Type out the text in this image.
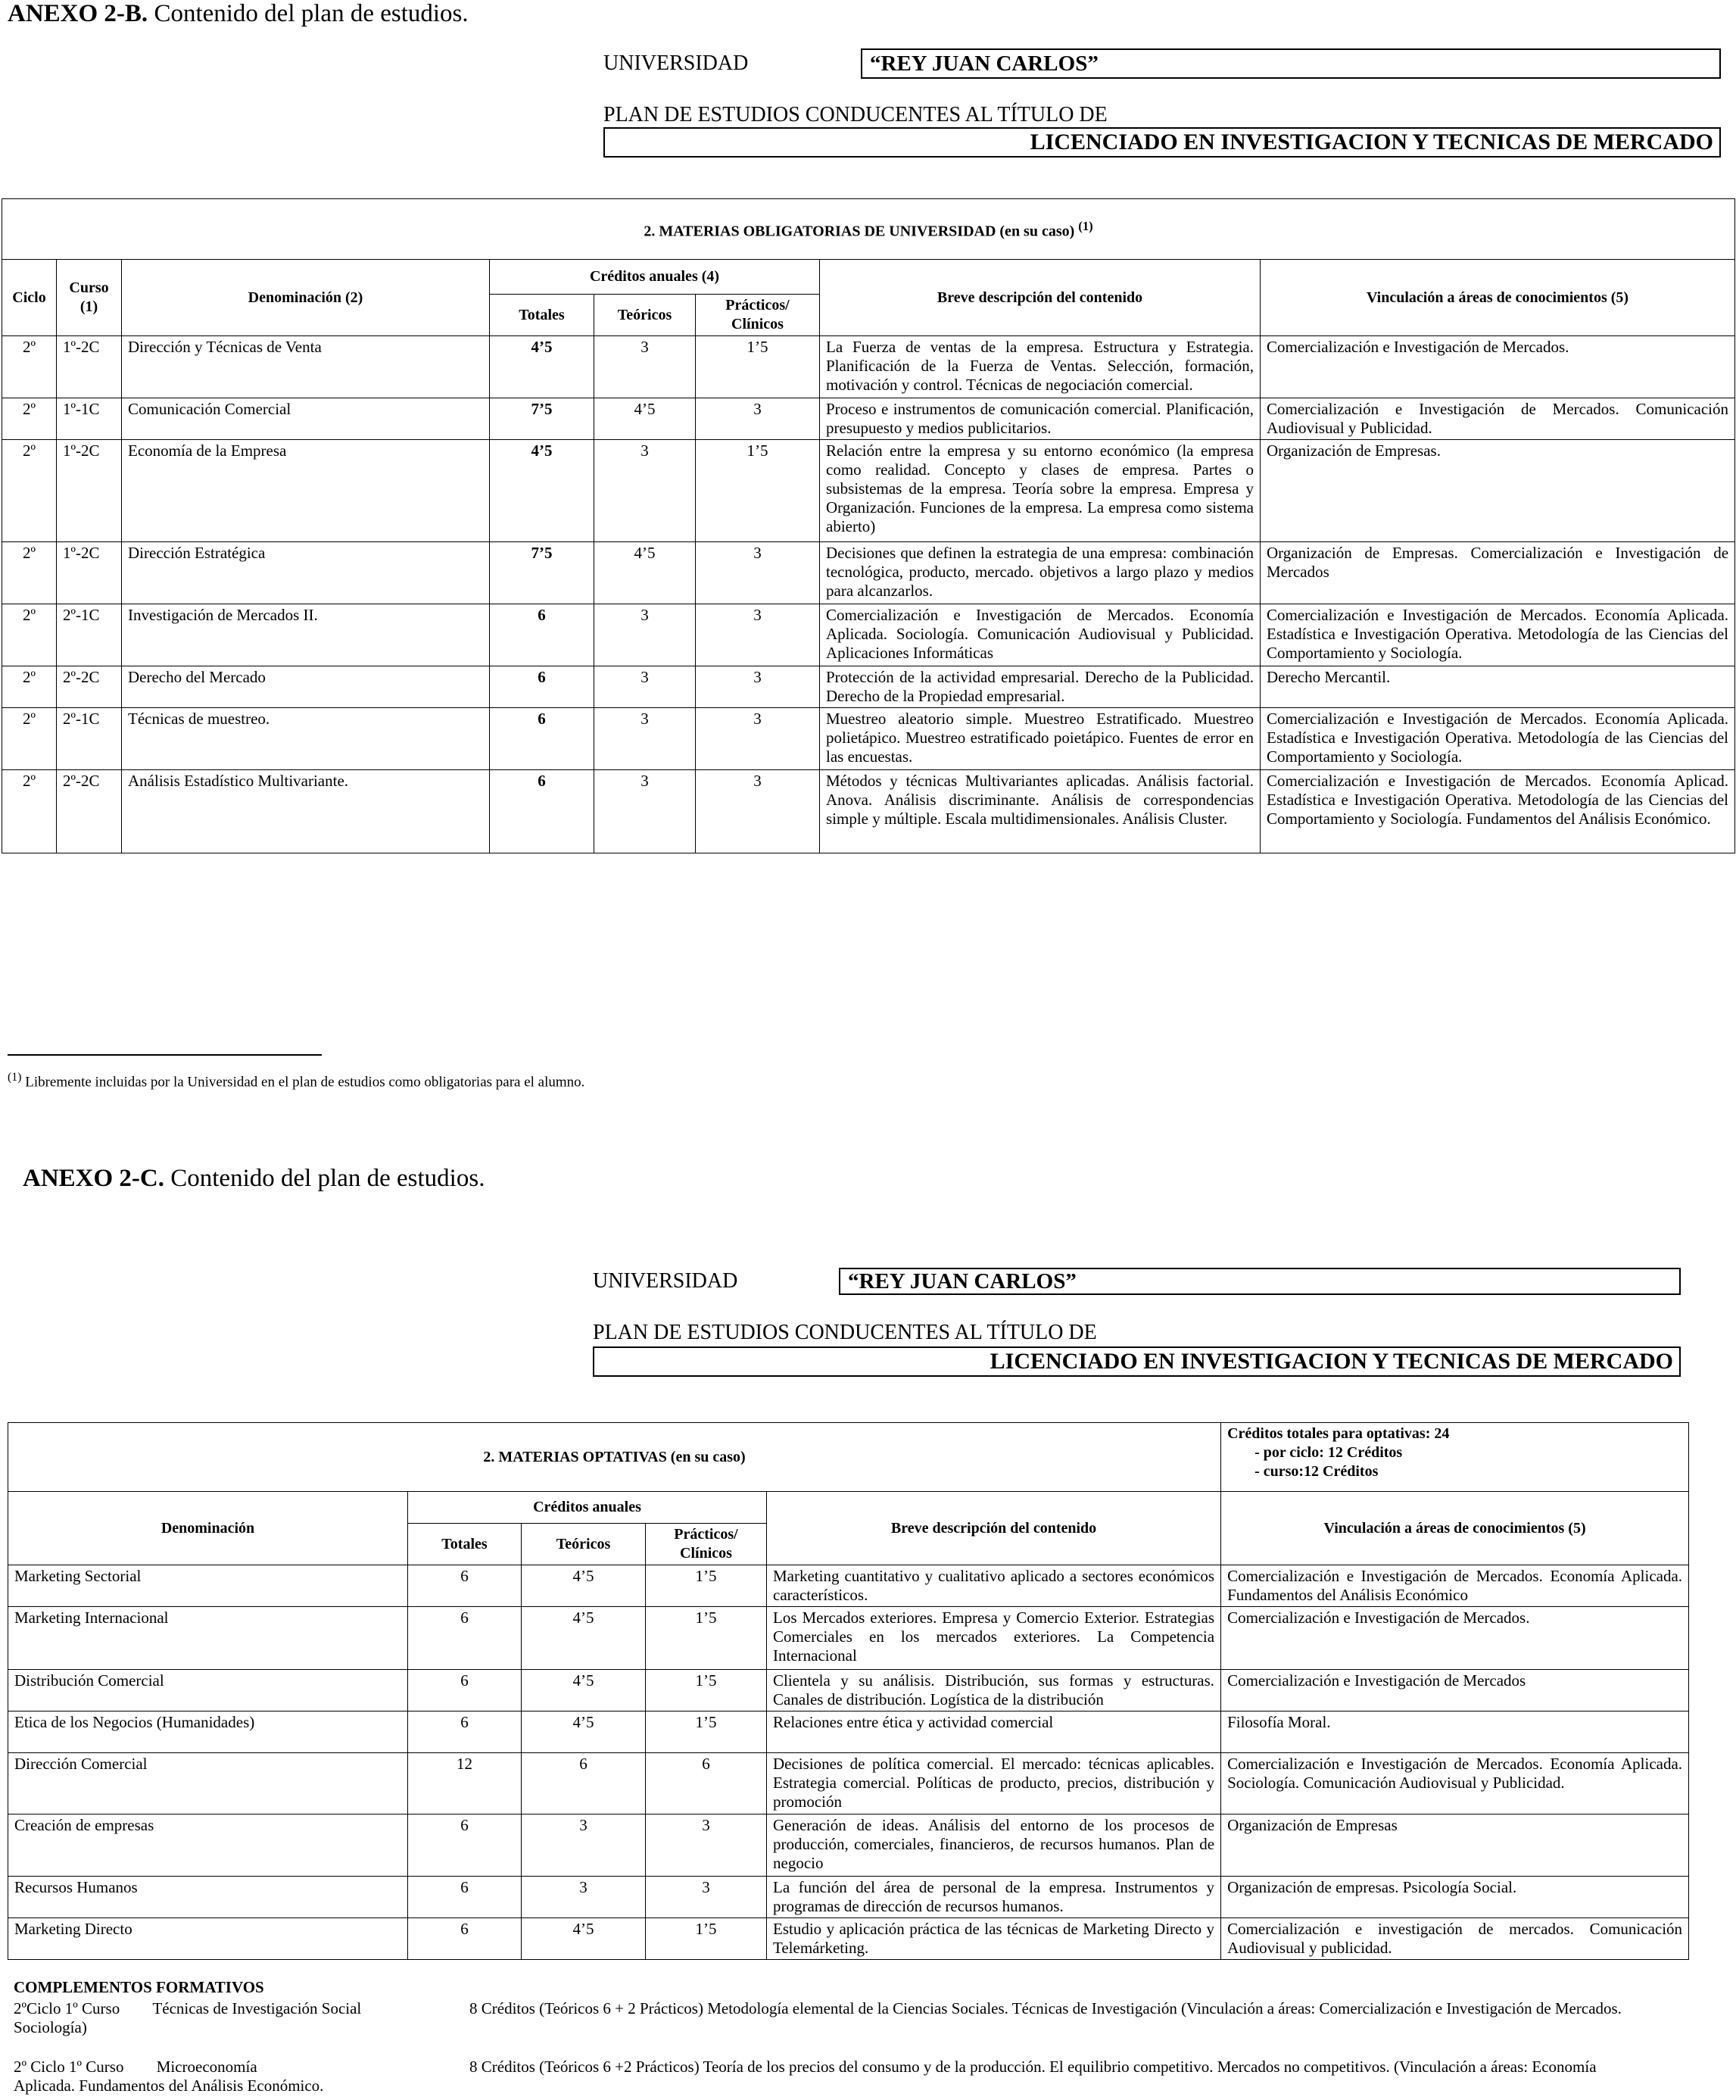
ANEXO 2-B. Contenido del plan de estudios.
UNIVERSIDAD	“REY JUAN CARLOS”
PLAN DE ESTUDIOS CONDUCENTES AL TÍTULO DE
LICENCIADO EN INVESTIGACION Y TECNICAS DE MERCADO
2. MATERIAS OBLIGATORIAS DE UNIVERSIDAD (en su caso) $^{(1)}$
Ciclo	Curso (1)	Denominación (2)	Créditos anuales (4)			Breve descripción del contenido	Vinculación a áreas de conocimientos (5)
			Totales	Teóricos	Prácticos/ Clínicos		
2º	1º-2C	Dirección y Técnicas de Venta	4’5	3	1’5	La Fuerza de ventas de la empresa. Estructura y Estrategia. Planificación de la Fuerza de Ventas. Selección, formación, motivación y control. Técnicas de negociación comercial.	Comercialización e Investigación de Mercados.
2º	1º-1C	Comunicación Comercial	7’5	4’5	3	Proceso e instrumentos de comunicación comercial. Planificación, presupuesto y medios publicitarios.	Comercialización e Investigación de Mercados. Comunicación Audiovisual y Publicidad.
2º	1º-2C	Economía de la Empresa	4’5	3	1’5	Relación entre la empresa y su entorno económico (la empresa como realidad. Concepto y clases de empresa. Partes o subsistemas de la empresa. Teoría sobre la empresa. Empresa y Organización. Funciones de la empresa. La empresa como sistema abierto)	Organización de Empresas.
2º	1º-2C	Dirección Estratégica	7’5	4’5	3	Decisiones que definen la estrategia de una empresa: combinación tecnológica, producto, mercado. objetivos a largo plazo y medios para alcanzarlos.	Organización de Empresas. Comercialización e Investigación de Mercados
2º	2º-1C	Investigación de Mercados II.	6	3	3	Comercialización e Investigación de Mercados. Economía Aplicada. Sociología. Comunicación Audiovisual y Publicidad. Aplicaciones Informáticas	Comercialización e Investigación de Mercados. Economía Aplicada. Estadística e Investigación Operativa. Metodología de las Ciencias del Comportamiento y Sociología.
2º	2º-2C	Derecho del Mercado	6	3	3	Protección de la actividad empresarial. Derecho de la Publicidad. Derecho de la Propiedad empresarial.	Derecho Mercantil.
2º	2º-1C	Técnicas de muestreo.	6	3	3	Muestreo aleatorio simple. Muestreo Estratificado. Muestreo polietápico. Muestreo estratificado poietápico. Fuentes de error en las encuestas.	Comercialización e Investigación de Mercados. Economía Aplicada. Estadística e Investigación Operativa. Metodología de las Ciencias del Comportamiento y Sociología.
2º	2º-2C	Análisis Estadístico Multivariante.	6	3	3	Métodos y técnicas Multivariantes aplicadas. Análisis factorial. Anova. Análisis discriminante. Análisis de correspondencias simple y múltiple. Escala multidimensionales. Análisis Cluster.	Comercialización e Investigación de Mercados. Economía Aplicad. Estadística e Investigación Operativa. Metodología de las Ciencias del Comportamiento y Sociología. Fundamentos del Análisis Económico.
$^{(1)}$ Libremente incluidas por la Universidad en el plan de estudios como obligatorias para el alumno.
ANEXO 2-C. Contenido del plan de estudios.
UNIVERSIDAD	“REY JUAN CARLOS”
PLAN DE ESTUDIOS CONDUCENTES AL TÍTULO DE
LICENCIADO EN INVESTIGACION Y TECNICAS DE MERCADO
2. MATERIAS OPTATIVAS (en su caso)					Créditos totales para optativas: 24
- por ciclo: 12 Créditos
- curso:12 Créditos

Denominación	Créditos anuales			Breve descripción del contenido	Vinculación a áreas de conocimientos (5)
	Totales	Teóricos	Prácticos/ Clínicos		
Marketing Sectorial	6	4’5	1’5	Marketing cuantitativo y cualitativo aplicado a sectores económicos característicos.	Comercialización e Investigación de Mercados. Economía Aplicada. Fundamentos del Análisis Económico
Marketing Internacional	6	4’5	1’5	Los Mercados exteriores. Empresa y Comercio Exterior. Estrategias Comerciales en los mercados exteriores. La Competencia Internacional	Comercialización e Investigación de Mercados.
Distribución Comercial	6	4’5	1’5	Clientela y su análisis. Distribución, sus formas y estructuras. Canales de distribución. Logística de la distribución	Comercialización e Investigación de Mercados
Etica de los Negocios (Humanidades)	6	4’5	1’5	Relaciones entre ética y actividad comercial	Filosofía Moral.
Dirección Comercial	12	6	6	Decisiones de política comercial. El mercado: técnicas aplicables. Estrategia comercial. Políticas de producto, precios, distribución y promoción	Comercialización e Investigación de Mercados. Economía Aplicada. Sociología. Comunicación Audiovisual y Publicidad.
Creación de empresas	6	3	3	Generación de ideas. Análisis del entorno de los procesos de producción, comerciales, financieros, de recursos humanos. Plan de negocio	Organización de Empresas
Recursos Humanos	6	3	3	La función del área de personal de la empresa. Instrumentos y programas de dirección de recursos humanos.	Organización de empresas. Psicología Social.
Marketing Directo	6	4’5	1’5	Estudio y aplicación práctica de las técnicas de Marketing Directo y Telemárketing.	Comercialización e investigación de mercados. Comunicación Audiovisual y publicidad.
COMPLEMENTOS FORMATIVOS
2ºCiclo 1º Curso Técnicas de Investigación Social
Sociología)
8 Créditos (Teóricos 6 + 2 Prácticos) Metodología elemental de la Ciencias Sociales. Técnicas de Investigación (Vinculación a áreas: Comercialización e Investigación de Mercados.
2º Ciclo 1º Curso Microeconomía
Aplicada. Fundamentos del Análisis Económico.
8 Créditos (Teóricos 6 +2 Prácticos) Teoría de los precios del consumo y de la producción. El equilibrio competitivo. Mercados no competitivos. (Vinculación a áreas: Economía
